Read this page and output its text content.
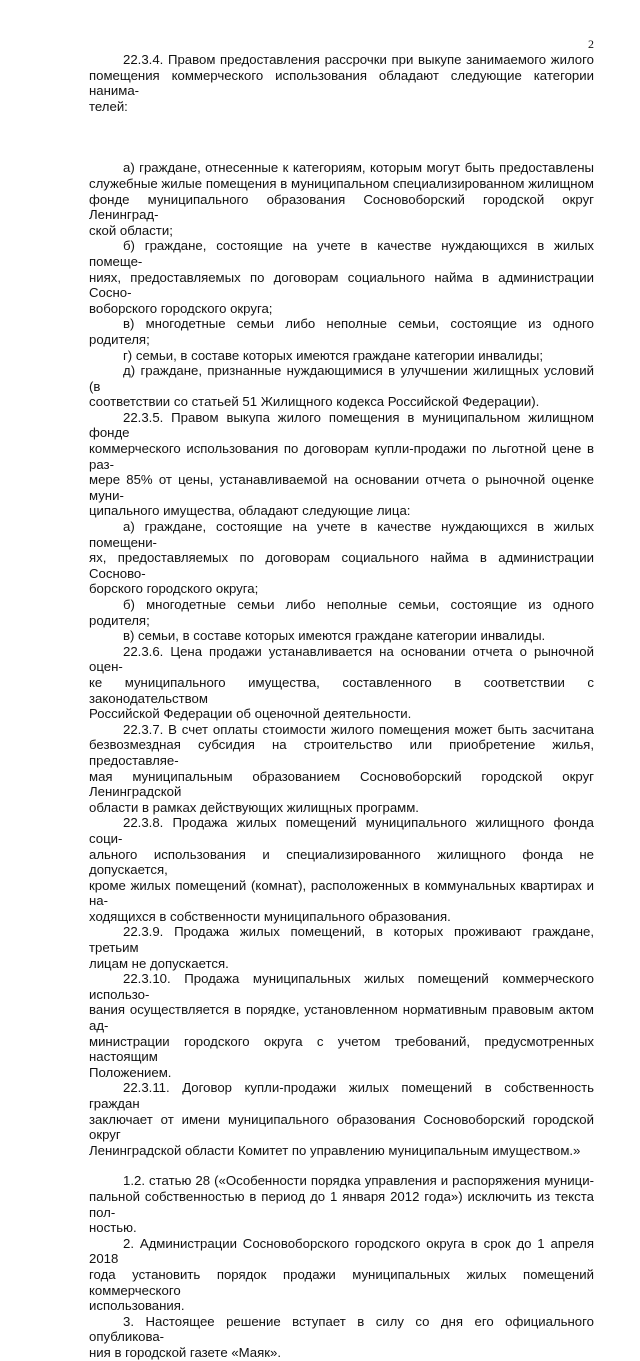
2
22.3.4. Правом предоставления рассрочки при выкупе занимаемого жилого
помещения коммерческого использования обладают следующие категории нанима-
телей:
а) граждане, отнесенные к категориям, которым могут быть предоставлены
служебные жилые помещения в муниципальном специализированном жилищном
фонде муниципального образования Сосновоборский городской округ Ленинград-
ской области;
б) граждане, состоящие на учете в качестве нуждающихся в жилых помеще-
ниях, предоставляемых по договорам социального найма в администрации Сосно-
воборского городского округа;
в) многодетные семьи либо неполные семьи, состоящие из одного родителя;
г) семьи, в составе которых имеются граждане категории инвалиды;
д) граждане, признанные нуждающимися в улучшении жилищных условий (в
соответствии со статьей 51 Жилищного кодекса Российской Федерации).
22.3.5. Правом выкупа жилого помещения в муниципальном жилищном фонде
коммерческого использования по договорам купли-продажи по льготной цене в раз-
мере 85% от цены, устанавливаемой на основании отчета о рыночной оценке муни-
ципального имущества, обладают следующие лица:
а) граждане, состоящие на учете в качестве нуждающихся в жилых помещени-
ях, предоставляемых по договорам социального найма в администрации Сосново-
борского городского округа;
б) многодетные семьи либо неполные семьи, состоящие из одного родителя;
в) семьи, в составе которых имеются граждане категории инвалиды.
22.3.6. Цена продажи устанавливается на основании отчета о рыночной оцен-
ке муниципального имущества, составленного в соответствии с законодательством
Российской Федерации об оценочной деятельности.
22.3.7. В счет оплаты стоимости жилого помещения может быть засчитана
безвозмездная субсидия на строительство или приобретение жилья, предоставляе-
мая муниципальным образованием Сосновоборский городской округ Ленинградской
области в рамках действующих жилищных программ.
22.3.8. Продажа жилых помещений муниципального жилищного фонда соци-
ального использования и специализированного жилищного фонда не допускается,
кроме жилых помещений (комнат), расположенных в коммунальных квартирах и на-
ходящихся в собственности муниципального образования.
22.3.9. Продажа жилых помещений, в которых проживают граждане, третьим
лицам не допускается.
22.3.10. Продажа муниципальных жилых помещений коммерческого использо-
вания осуществляется в порядке, установленном нормативным правовым актом ад-
министрации городского округа с учетом требований, предусмотренных настоящим
Положением.
22.3.11. Договор купли-продажи жилых помещений в собственность граждан
заключает от имени муниципального образования Сосновоборский городской округ
Ленинградской области Комитет по управлению муниципальным имуществом.»
1.2. статью 28 («Особенности порядка управления и распоряжения муници-
пальной собственностью в период до 1 января 2012 года») исключить из текста пол-
ностью.
2. Администрации Сосновоборского городского округа в срок до 1 апреля 2018
года установить порядок продажи муниципальных жилых помещений коммерческого
использования.
3. Настоящее решение вступает в силу со дня его официального опубликова-
ния в городской газете «Маяк».
